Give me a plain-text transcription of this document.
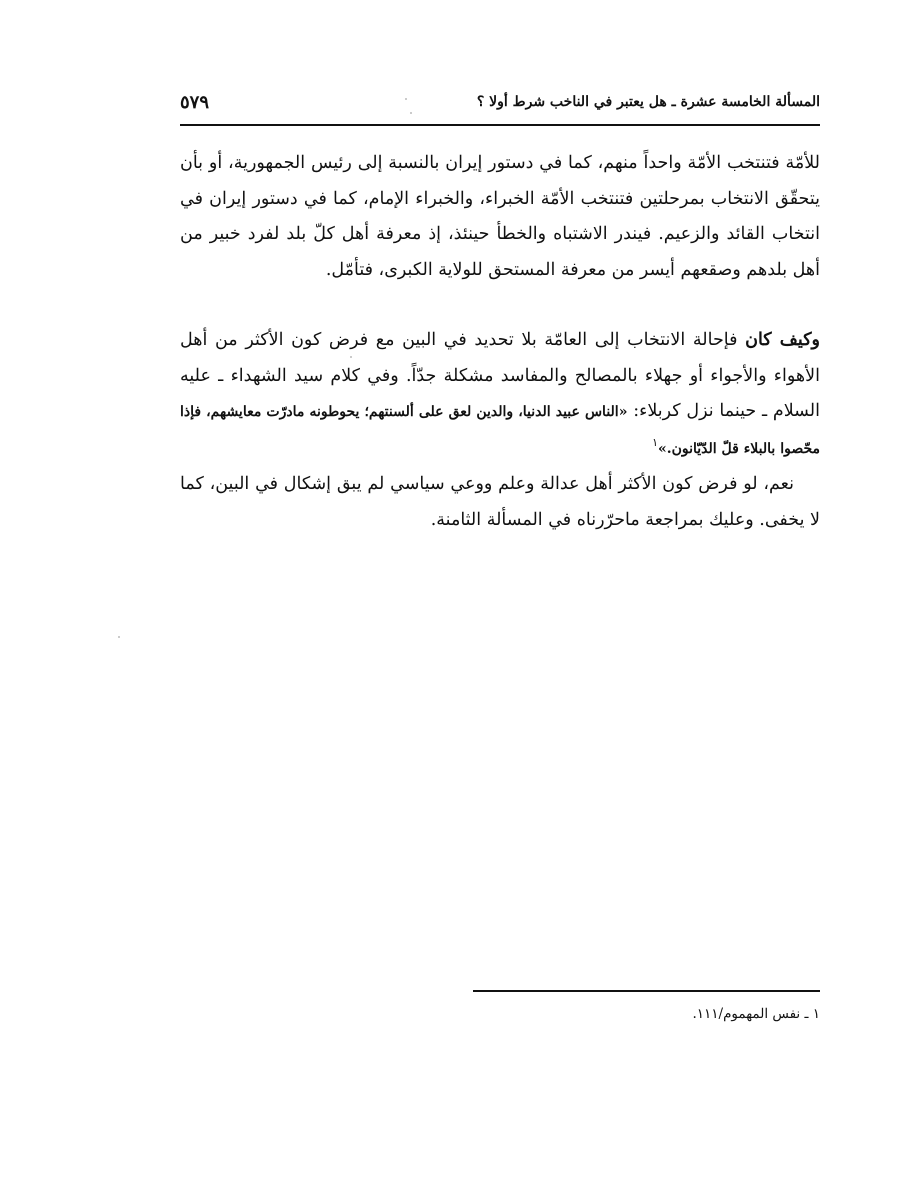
المسألة الخامسة عشرة ـ هل يعتبر في الناخب شرط أولا ؟
٥٧٩

للأمّة فتنتخب الأمّة واحداً منهم، كما في دستور إيران بالنسبة إلى رئيس الجمهورية، أو بأن يتحقّق الانتخاب بمرحلتين فتنتخب الأمّة الخبراء، والخبراء الإمام، كما في دستور إيران في انتخاب القائد والزعيم. فيندر الاشتباه والخطأ حينئذ، إذ معرفة أهل كلّ بلد لفرد خبير من أهل بلدهم وصقعهم أيسر من معرفة المستحق للولاية الكبرى، فتأمّل.

وكيف كان فإحالة الانتخاب إلى العامّة بلا تحديد في البين مع فرض كون الأكثر من أهل الأهواء والأجواء أو جهلاء بالمصالح والمفاسد مشكلة جدّاً. وفي كلام سيد الشهداء ـ عليه السلام ـ حينما نزل كربلاء: «الناس عبيد الدنيا، والدين لعق على ألسنتهم؛ يحوطونه مادرّت معايشهم، فإذا محّصوا بالبلاء قلّ الدّيّانون.»$^١$

نعم، لو فرض كون الأكثر أهل عدالة وعلم ووعي سياسي لم يبق إشكال في البين، كما لا يخفى. وعليك بمراجعة ماحرّرناه في المسألة الثامنة.

١ ـ نفس المهموم/١١١.
